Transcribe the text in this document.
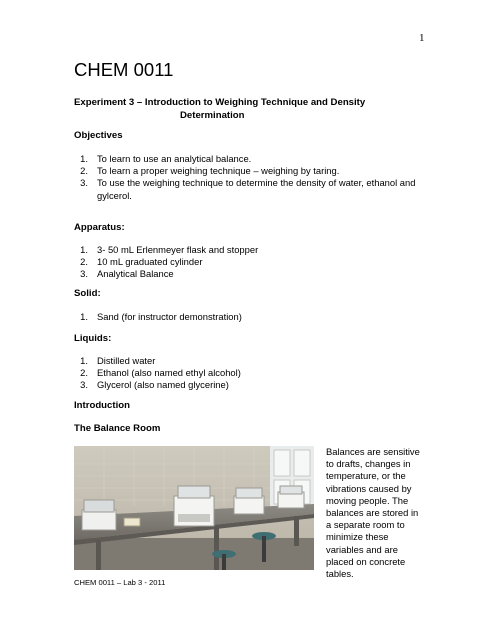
1
CHEM 0011
Experiment 3 – Introduction to Weighing Technique and Density
Determination
Objectives
1. To learn to use an analytical balance.
2. To learn a proper weighing technique – weighing by taring.
3. To use the weighing technique to determine the density of water, ethanol and gylcerol.
Apparatus:
1. 3- 50 mL Erlenmeyer flask and stopper
2. 10 mL graduated cylinder
3. Analytical Balance
Solid:
1. Sand (for instructor demonstration)
Liquids:
1. Distilled water
2. Ethanol (also named ethyl alcohol)
3. Glycerol (also named glycerine)
Introduction
The Balance Room

Balances are sensitive to drafts, changes in temperature, or the vibrations caused by moving people. The balances are stored in a separate room to minimize these variables and are placed on concrete tables.

CHEM 0011 – Lab 3 - 2011
